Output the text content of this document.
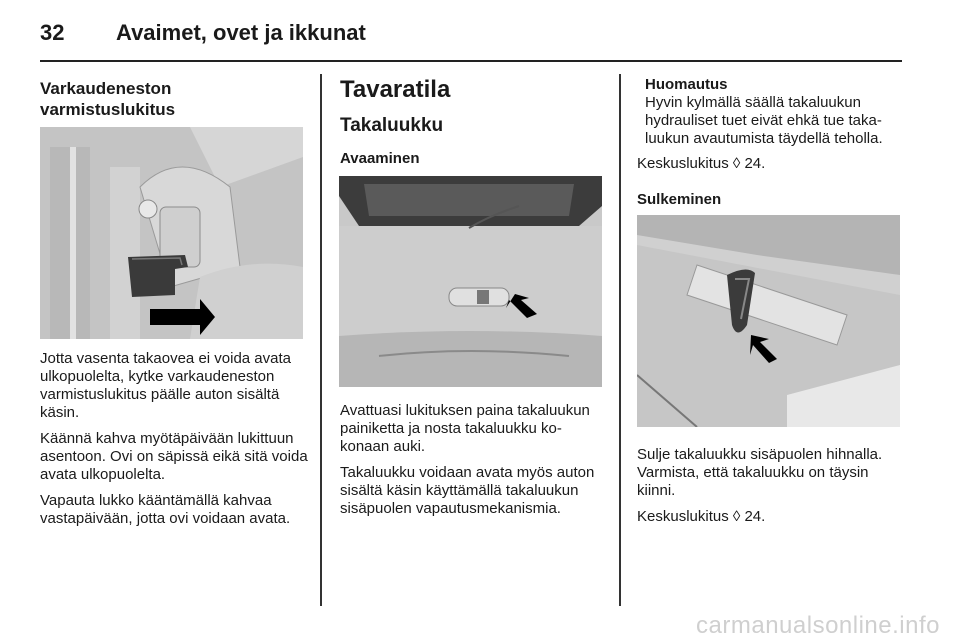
32 Avaimet, ovet ja ikkunat
Varkaudeneston
varmistuslukitus

Jotta vasenta takaovea ei voida avata ulkopuolelta, kytke varkaudeneston varmistuslukitus päälle auton sisältä käsin.

Käännä kahva myötäpäivään lukittuun asentoon. Ovi on säpissä eikä sitä voida avata ulkopuolelta.

Vapauta lukko kääntämällä kahvaa vastapäivään, jotta ovi voidaan avata.

Tavaratila
Takaluukku
Avaaminen

Avattuasi lukituksen paina takaluukun painiketta ja nosta takaluukku kokonaan auki.

Takaluukku voidaan avata myös auton sisältä käsin käyttämällä takaluukun sisäpuolen vapautusmekanismia.

Huomautus
Hyvin kylmällä säällä takaluukun hydrauliset tuet eivät ehkä tue takaluukun avautumista täydellä teholla.
Keskuslukitus ◊ 24.
Sulkeminen

Sulje takaluukku sisäpuolen hihnalla. Varmista, että takaluukku on täysin kiinni.

Keskuslukitus ◊ 24.

carmanualsonline.info
